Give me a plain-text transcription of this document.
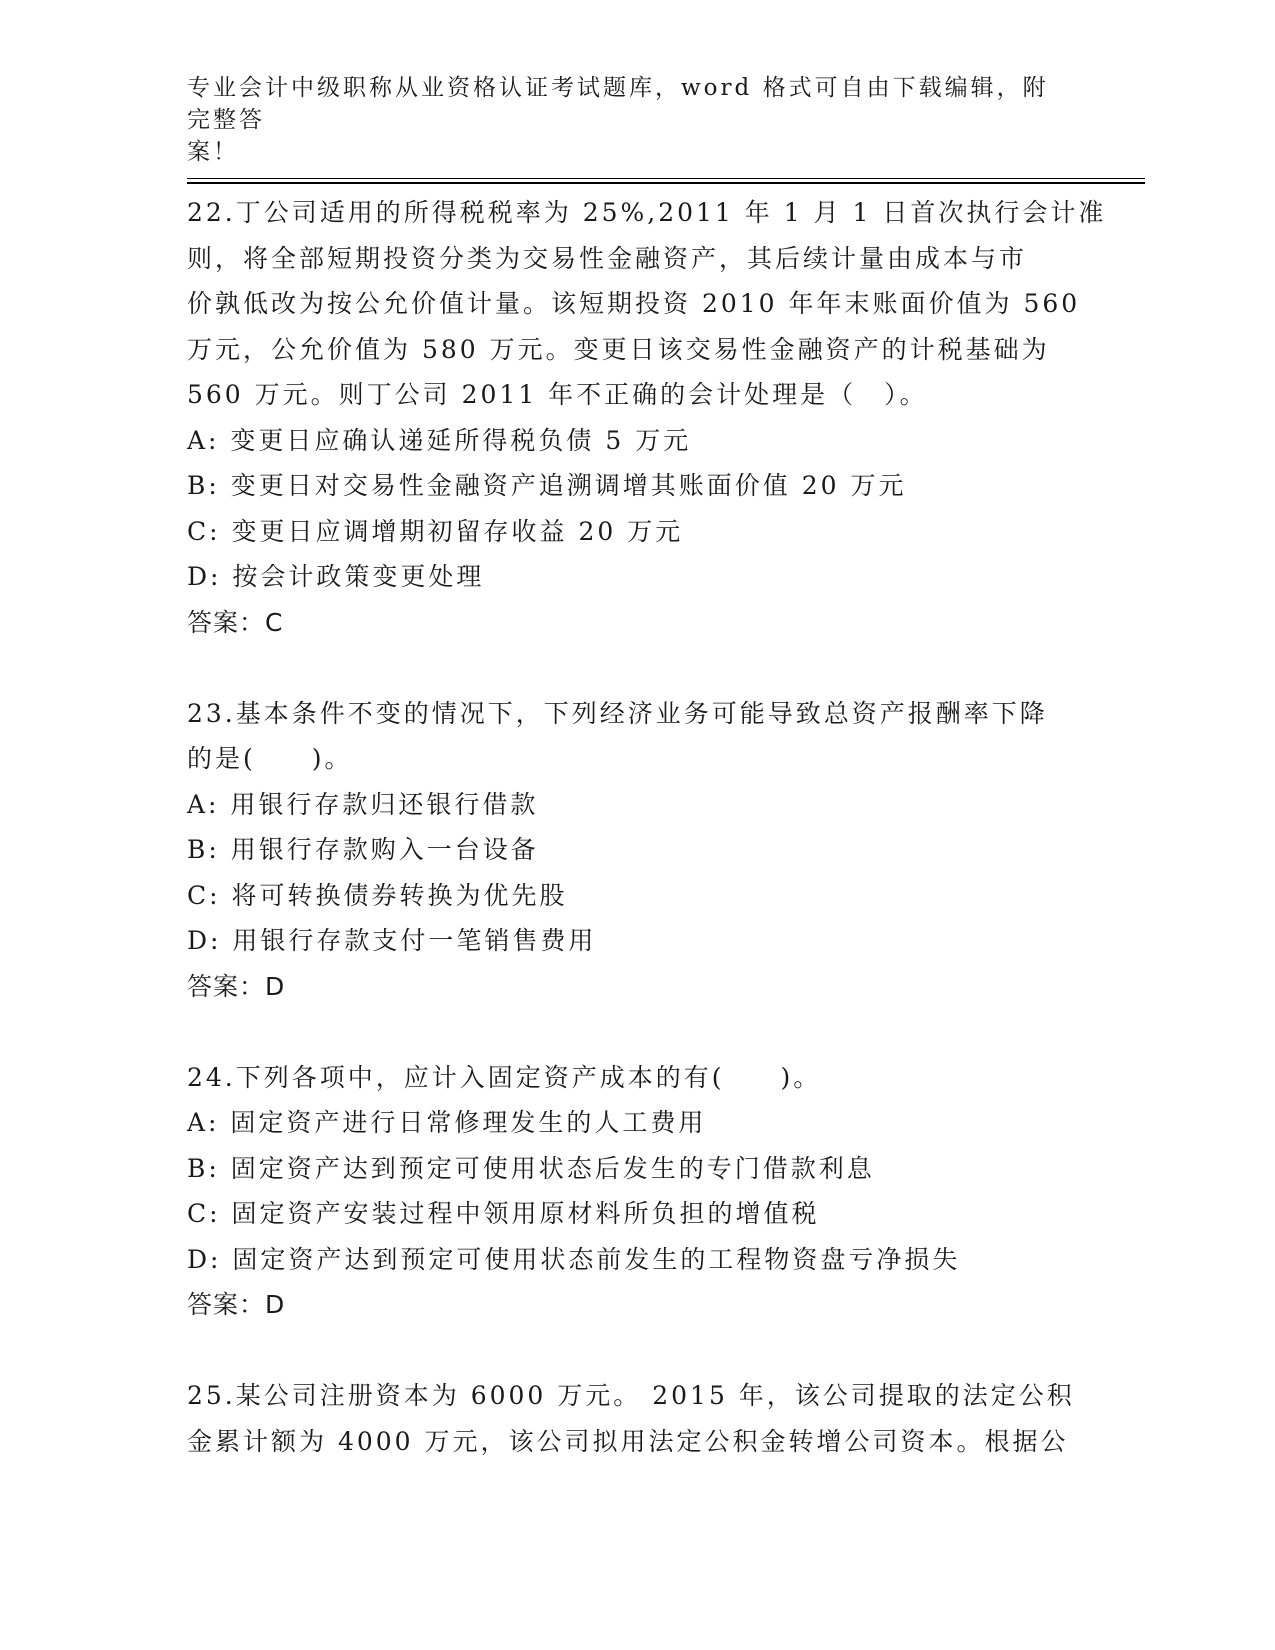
专业会计中级职称从业资格认证考试题库，word 格式可自由下载编辑，附完整答
案！
22.丁公司适用的所得税税率为 25%,2011 年 1 月 1 日首次执行会计准
则，将全部短期投资分类为交易性金融资产，其后续计量由成本与市
价孰低改为按公允价值计量。该短期投资 2010 年年末账面价值为 560
万元，公允价值为 580 万元。变更日该交易性金融资产的计税基础为
560 万元。则丁公司 2011 年不正确的会计处理是（　）。
A: 变更日应确认递延所得税负债 5 万元
B: 变更日对交易性金融资产追溯调增其账面价值 20 万元
C: 变更日应调增期初留存收益 20 万元
D: 按会计政策变更处理
答案：C
23.基本条件不变的情况下，下列经济业务可能导致总资产报酬率下降
的是(　　)。
A: 用银行存款归还银行借款
B: 用银行存款购入一台设备
C: 将可转换债券转换为优先股
D: 用银行存款支付一笔销售费用
答案：D
24.下列各项中，应计入固定资产成本的有(　　)。
A: 固定资产进行日常修理发生的人工费用
B: 固定资产达到预定可使用状态后发生的专门借款利息
C: 固定资产安装过程中领用原材料所负担的增值税
D: 固定资产达到预定可使用状态前发生的工程物资盘亏净损失
答案：D
25.某公司注册资本为 6000 万元。 2015 年，该公司提取的法定公积
金累计额为 4000 万元，该公司拟用法定公积金转增公司资本。根据公
